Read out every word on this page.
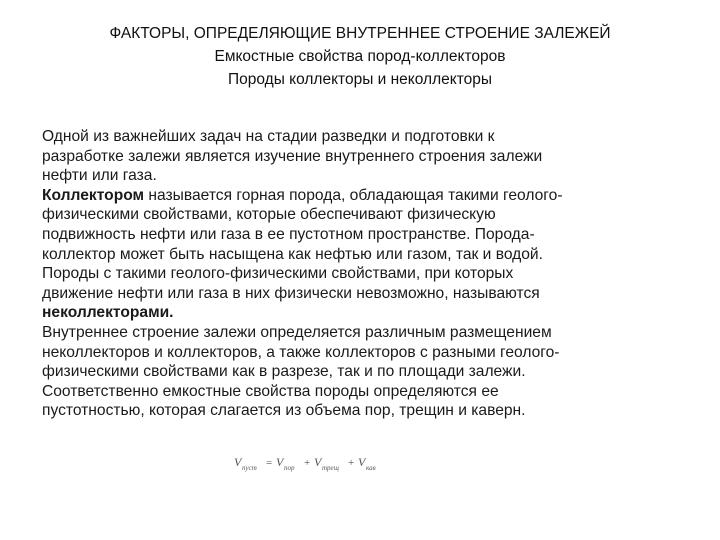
ФАКТОРЫ, ОПРЕДЕЛЯЮЩИЕ ВНУТРЕННЕЕ СТРОЕНИЕ ЗАЛЕЖЕЙ
Емкостные свойства пород-коллекторов
Породы коллекторы и неколлекторы

Одной из важнейших задач на стадии разведки и подготовки к
разработке залежи является изучение внутреннего строения залежи
нефти или газа.

Коллектором называется горная порода, обладающая такими геолого-
физическими свойствами, которые обеспечивают физическую
подвижность нефти или газа в ее пустотном пространстве. Порода-
коллектор может быть насыщена как нефтью или газом, так и водой.

Породы с такими геолого-физическими свойствами, при которых
движение нефти или газа в них физически невозможно, называются
неколлекторами.

Внутреннее строение залежи определяется различным размещением
неколлекторов и коллекторов, а также коллекторов с разными геолого-
физическими свойствами как в разрезе, так и по площади залежи.

Соответственно емкостные свойства породы определяются ее
пустотностью, которая слагается из объема пор, трещин и каверн.

V пуст = V пор + V трещ + V кав
